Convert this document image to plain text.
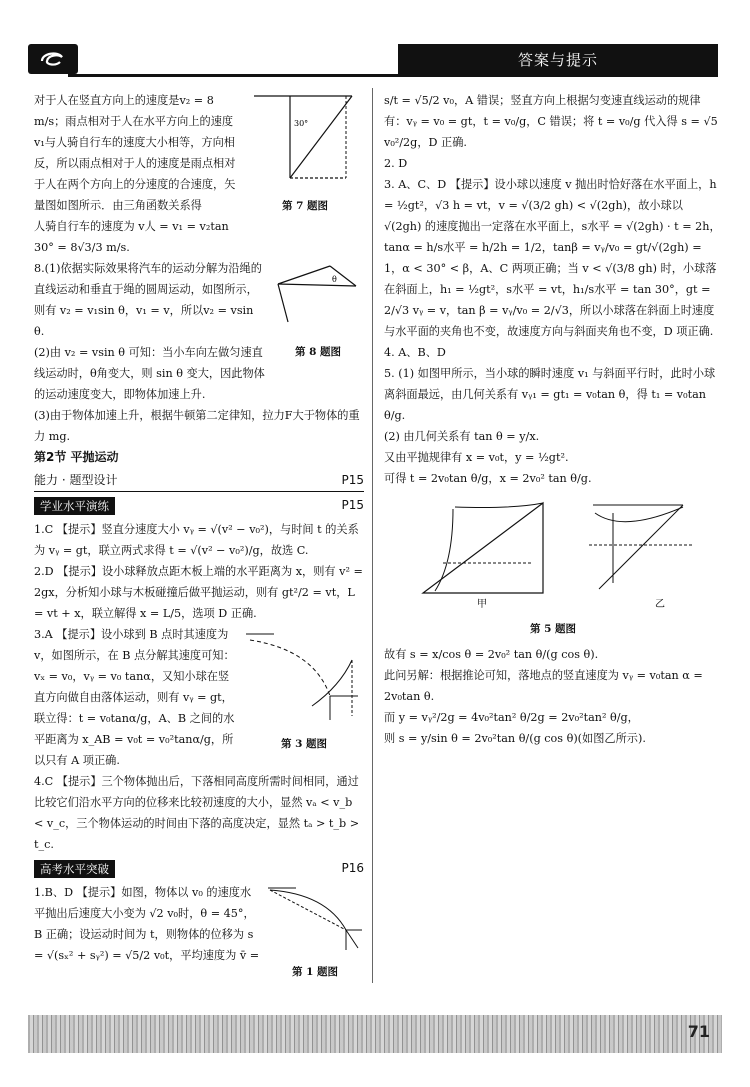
答案与提示
30°
第 7 题图

对于人在竖直方向上的速度是v₂ = 8 m/s；雨点相对于人在水平方向上的速度v₁与人骑自行车的速度大小相等，方向相反，所以雨点相对于人的速度是雨点相对于人在两个方向上的分速度的合速度，矢量图如图所示．由三角函数关系得

人骑自行车的速度为 v人 = v₁ = v₂tan 30° = 8√3/3 m/s.

θ
第 8 题图

8.(1)依据实际效果将汽车的运动分解为沿绳的直线运动和垂直于绳的圆周运动，如图所示，则有 v₂ = v₁sin θ，v₁ = v，所以v₂ = vsin θ.

(2)由 v₂ = vsin θ 可知：当小车向左做匀速直线运动时，θ角变大，则 sin θ 变大，因此物体的运动速度变大，即物体加速上升.

(3)由于物体加速上升，根据牛顿第二定律知，拉力F大于物体的重力 mg.

第2节 平抛运动
能力 · 题型设计	P15
学业水平演练	P15

1.C 【提示】竖直分速度大小 vᵧ = √(v² − v₀²)，与时间 t 的关系为 vᵧ = gt，联立两式求得 t = √(v² − v₀²)/g，故选 C.

2.D 【提示】设小球释放点距木板上端的水平距离为 x，则有 v² = 2gx，分析知小球与木板碰撞后做平抛运动，则有 gt²/2 = vt，L = vt + x，联立解得 x = L/5，选项 D 正确.

第 3 题图

3.A 【提示】设小球到 B 点时其速度为 v，如图所示，在 B 点分解其速度可知：vₓ = v₀，vᵧ = v₀ tanα，又知小球在竖直方向做自由落体运动，则有 vᵧ = gt，联立得：t = v₀tanα/g，A、B 之间的水平距离为 x_AB = v₀t = v₀²tanα/g，所以只有 A 项正确.

4.C 【提示】三个物体抛出后，下落相同高度所需时间相同，通过比较它们沿水平方向的位移来比较初速度的大小，显然 vₐ < v_b < v_c，三个物体运动的时间由下落的高度决定，显然 tₐ > t_b > t_c.

高考水平突破	P16
第 1 题图

1.B、D 【提示】如图，物体以 v₀ 的速度水平抛出后速度大小变为 √2 v₀时，θ = 45°，B 正确；设运动时间为 t，则物体的位移为 s = √(sₓ² + sᵧ²) = √5/2 v₀t，平均速度为 v̄ =

s/t = √5/2 v₀，A 错误；竖直方向上根据匀变速直线运动的规律有：vᵧ = v₀ = gt，t = v₀/g，C 错误；将 t = v₀/g 代入得 s = √5 v₀²/2g，D 正确.

2. D

3. A、C、D 【提示】设小球以速度 v 抛出时恰好落在水平面上，h = ½gt²，√3 h = vt，v = √(3/2 gh) < √(2gh)，故小球以 √(2gh) 的速度抛出一定落在水平面上，s水平 = √(2gh) · t = 2h，tanα = h/s水平 = h/2h = 1/2，tanβ = vᵧ/v₀ = gt/√(2gh) = 1，α < 30° < β，A、C 两项正确；当 v < √(3/8 gh) 时，小球落在斜面上，h₁ = ½gt²，s水平 = vt，h₁/s水平 = tan 30°，gt = 2/√3 vᵧ = v，tan β = vᵧ/v₀ = 2/√3，所以小球落在斜面上时速度与水平面的夹角也不变，故速度方向与斜面夹角也不变，D 项正确.

4. A、B、D

5. (1) 如图甲所示，当小球的瞬时速度 v₁ 与斜面平行时，此时小球离斜面最远，由几何关系有 vᵧ₁ = gt₁ = v₀tan θ，得 t₁ = v₀tan θ/g.

(2) 由几何关系有 tan θ = y/x.

又由平抛规律有 x = v₀t，y = ½gt².

可得 t = 2v₀tan θ/g，x = 2v₀² tan θ/g.

甲	乙
第 5 题图

故有 s = x/cos θ = 2v₀² tan θ/(g cos θ).

此问另解：根据推论可知，落地点的竖直速度为 vᵧ = v₀tan α = 2v₀tan θ.

而 y = vᵧ²/2g = 4v₀²tan² θ/2g = 2v₀²tan² θ/g，

则 s = y/sin θ = 2v₀²tan θ/(g cos θ)(如图乙所示).

71
